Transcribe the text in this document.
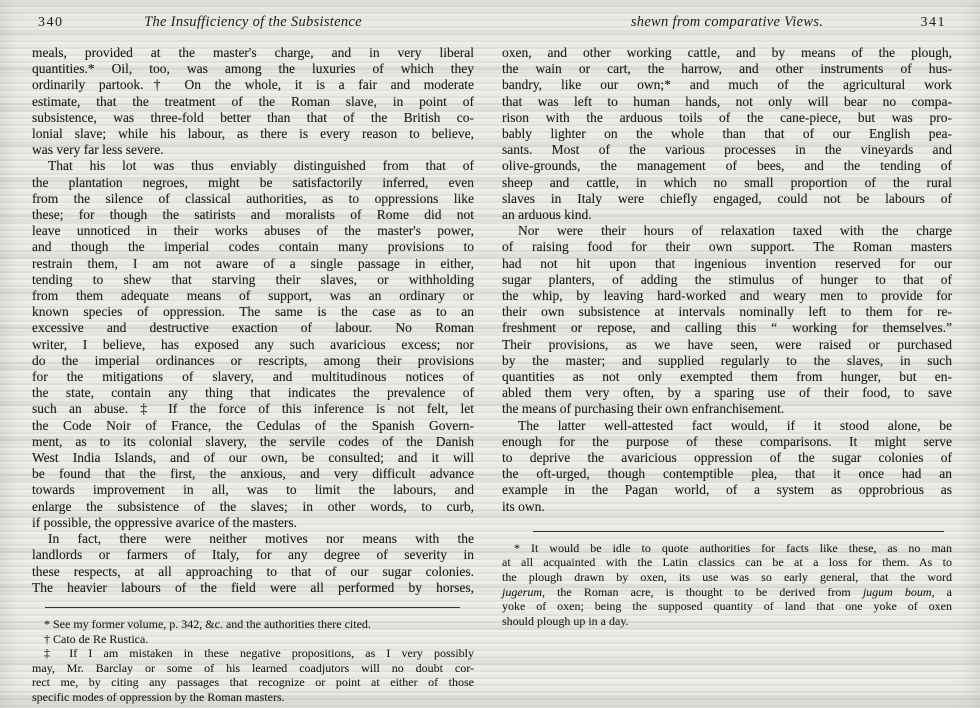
340	The Insufficiency of the Subsistence
meals, provided at the master's charge, and in very liberal
quantities.* Oil, too, was among the luxuries of which they
ordinarily partook.† On the whole, it is a fair and moderate
estimate, that the treatment of the Roman slave, in point of
subsistence, was three-fold better than that of the British co-
lonial slave; while his labour, as there is every reason to believe,
was very far less severe.
That his lot was thus enviably distinguished from that of
the plantation negroes, might be satisfactorily inferred, even
from the silence of classical authorities, as to oppressions like
these; for though the satirists and moralists of Rome did not
leave unnoticed in their works abuses of the master's power,
and though the imperial codes contain many provisions to
restrain them, I am not aware of a single passage in either,
tending to shew that starving their slaves, or withholding
from them adequate means of support, was an ordinary or
known species of oppression. The same is the case as to an
excessive and destructive exaction of labour. No Roman
writer, I believe, has exposed any such avaricious excess; nor
do the imperial ordinances or rescripts, among their provisions
for the mitigations of slavery, and multitudinous notices of
the state, contain any thing that indicates the prevalence of
such an abuse. ‡ If the force of this inference is not felt, let
the Code Noir of France, the Cedulas of the Spanish Govern-
ment, as to its colonial slavery, the servile codes of the Danish
West India Islands, and of our own, be consulted; and it will
be found that the first, the anxious, and very difficult advance
towards improvement in all, was to limit the labours, and
enlarge the subsistence of the slaves; in other words, to curb,
if possible, the oppressive avarice of the masters.
In fact, there were neither motives nor means with the
landlords or farmers of Italy, for any degree of severity in
these respects, at all approaching to that of our sugar colonies.
The heavier labours of the field were all performed by horses,
* See my former volume, p. 342, &c. and the authorities there cited.
† Cato de Re Rustica.
‡ If I am mistaken in these negative propositions, as I very possibly
may, Mr. Barclay or some of his learned coadjutors will no doubt cor-
rect me, by citing any passages that recognize or point at either of those
specific modes of oppression by the Roman masters.
341
shewn from comparative Views.
oxen, and other working cattle, and by means of the plough,
the wain or cart, the harrow, and other instruments of hus-
bandry, like our own;* and much of the agricultural work
that was left to human hands, not only will bear no compa-
rison with the arduous toils of the cane-piece, but was pro-
bably lighter on the whole than that of our English pea-
sants. Most of the various processes in the vineyards and
olive-grounds, the management of bees, and the tending of
sheep and cattle, in which no small proportion of the rural
slaves in Italy were chiefly engaged, could not be labours of
an arduous kind.
Nor were their hours of relaxation taxed with the charge
of raising food for their own support. The Roman masters
had not hit upon that ingenious invention reserved for our
sugar planters, of adding the stimulus of hunger to that of
the whip, by leaving hard-worked and weary men to provide for
their own subsistence at intervals nominally left to them for re-
freshment or repose, and calling this “ working for themselves.”
Their provisions, as we have seen, were raised or purchased
by the master; and supplied regularly to the slaves, in such
quantities as not only exempted them from hunger, but en-
abled them very often, by a sparing use of their food, to save
the means of purchasing their own enfranchisement.
The latter well-attested fact would, if it stood alone, be
enough for the purpose of these comparisons. It might serve
to deprive the avaricious oppression of the sugar colonies of
the oft-urged, though contemptible plea, that it once had an
example in the Pagan world, of a system as opprobrious as
its own.
* It would be idle to quote authorities for facts like these, as no man
at all acquainted with the Latin classics can be at a loss for them. As to
the plough drawn by oxen, its use was so early general, that the word
jugerum, the Roman acre, is thought to be derived from jugum boum, a
yoke of oxen; being the supposed quantity of land that one yoke of oxen
should plough up in a day.
